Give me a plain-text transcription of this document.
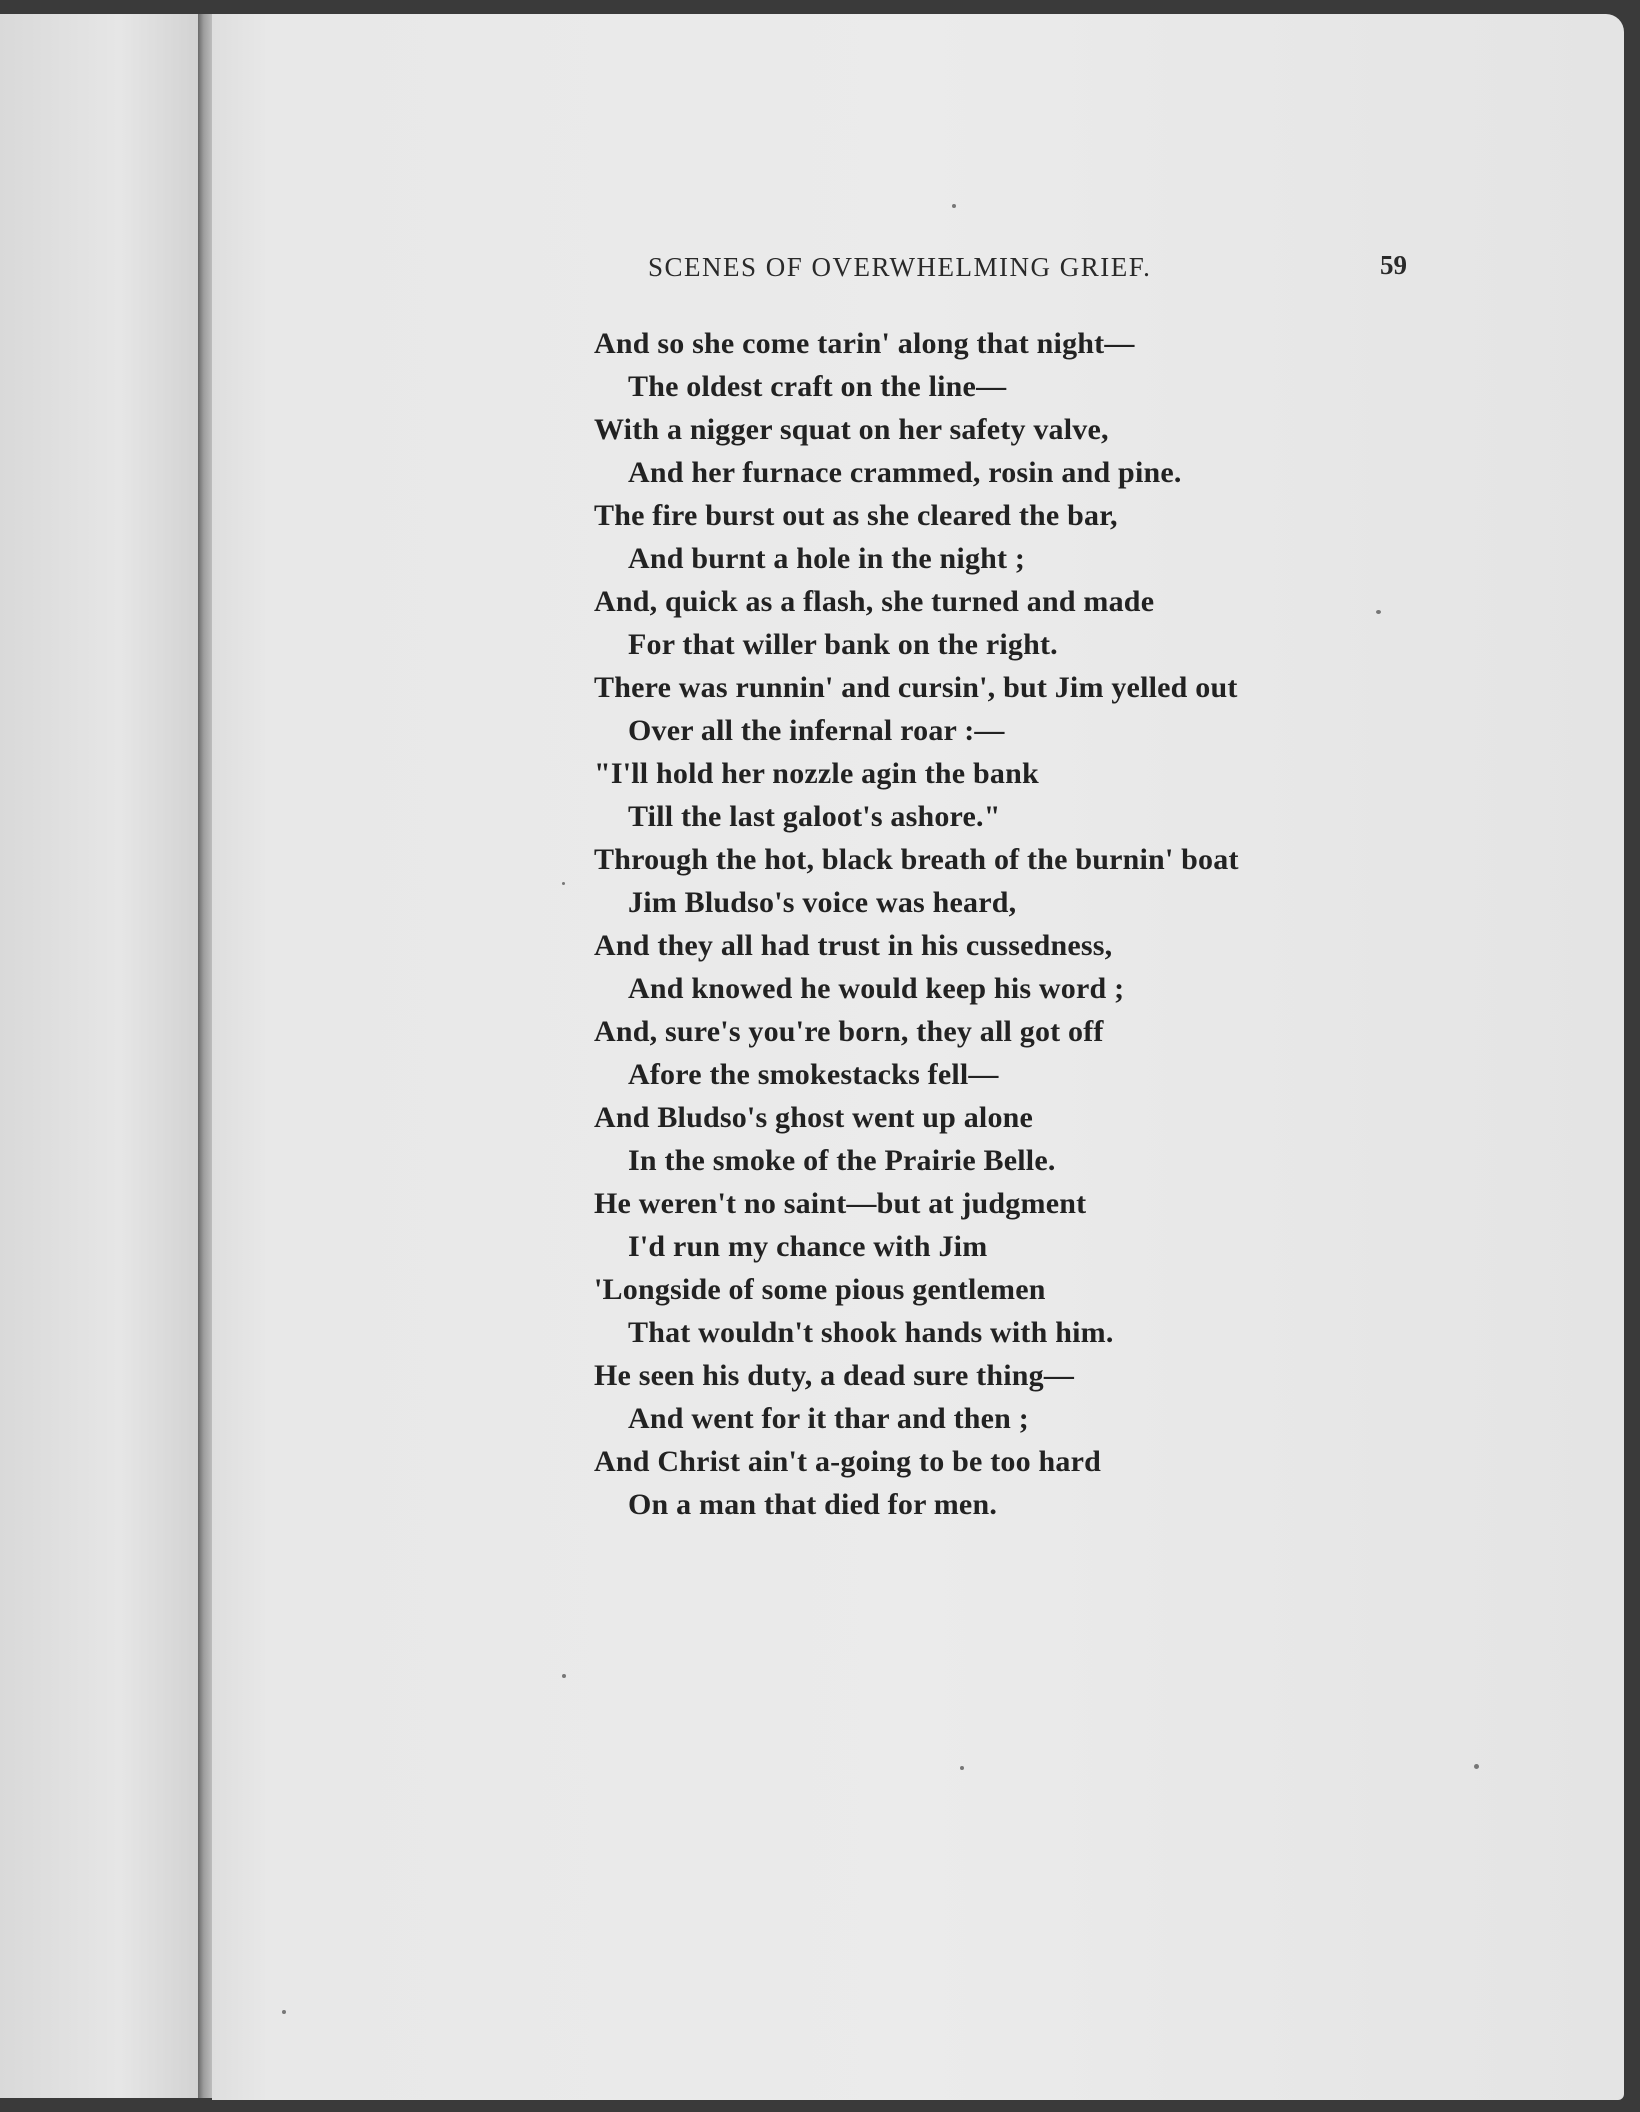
SCENES OF OVERWHELMING GRIEF.	59
And so she come tarin' along that night—
The oldest craft on the line—
With a nigger squat on her safety valve,
And her furnace crammed, rosin and pine.
The fire burst out as she cleared the bar,
And burnt a hole in the night ;
And, quick as a flash, she turned and made
For that willer bank on the right.
There was runnin' and cursin', but Jim yelled out
Over all the infernal roar :—
"I'll hold her nozzle agin the bank
Till the last galoot's ashore."
Through the hot, black breath of the burnin' boat
Jim Bludso's voice was heard,
And they all had trust in his cussedness,
And knowed he would keep his word ;
And, sure's you're born, they all got off
Afore the smokestacks fell—
And Bludso's ghost went up alone
In the smoke of the Prairie Belle.
He weren't no saint—but at judgment
I'd run my chance with Jim
'Longside of some pious gentlemen
That wouldn't shook hands with him.
He seen his duty, a dead sure thing—
And went for it thar and then ;
And Christ ain't a-going to be too hard
On a man that died for men.
